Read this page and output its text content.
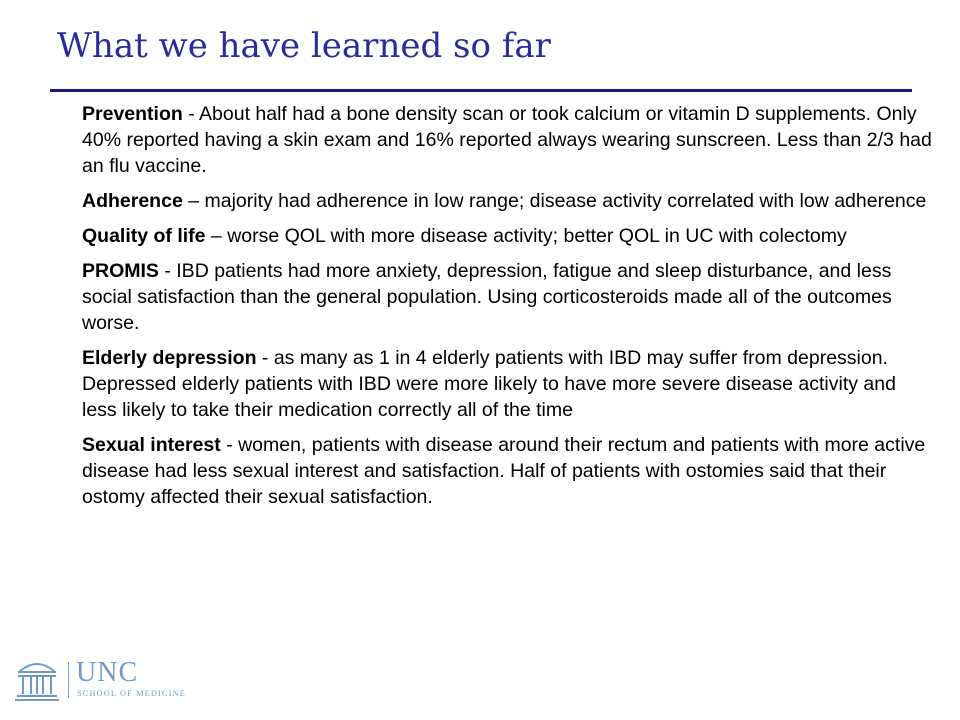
What we have learned so far

Prevention - About half had a bone density scan or took calcium or vitamin D supplements. Only 40% reported having a skin exam and 16% reported always wearing sunscreen. Less than 2/3 had an flu vaccine.

Adherence – majority had adherence in low range; disease activity correlated with low adherence

Quality of life – worse QOL with more disease activity; better QOL in UC with colectomy

PROMIS - IBD patients had more anxiety, depression, fatigue and sleep disturbance, and less social satisfaction than the general population. Using corticosteroids made all of the outcomes worse.

Elderly depression - as many as 1 in 4 elderly patients with IBD may suffer from depression. Depressed elderly patients with IBD were more likely to have more severe disease activity and less likely to take their medication correctly all of the time

Sexual interest - women, patients with disease around their rectum and patients with more active disease had less sexual interest and satisfaction. Half of patients with ostomies said that their ostomy affected their sexual satisfaction.

UNC
SCHOOL OF MEDICINE
